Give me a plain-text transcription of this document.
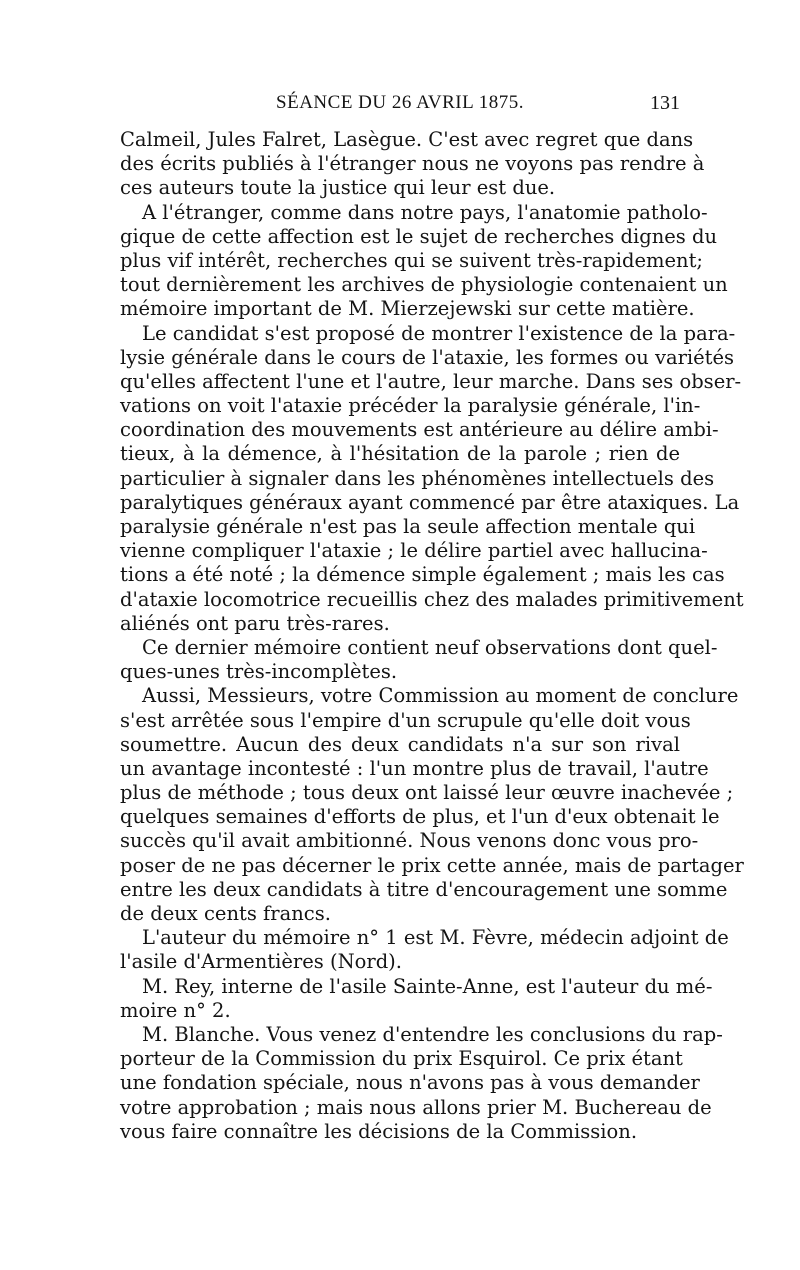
SÉANCE DU 26 AVRIL 1875.	131
Calmeil, Jules Falret, Lasègue. C'est avec regret que dans
des écrits publiés à l'étranger nous ne voyons pas rendre à
ces auteurs toute la justice qui leur est due.
A l'étranger, comme dans notre pays, l'anatomie patholo-
gique de cette affection est le sujet de recherches dignes du
plus vif intérêt, recherches qui se suivent très-rapidement;
tout dernièrement les archives de physiologie contenaient un
mémoire important de M. Mierzejewski sur cette matière.
Le candidat s'est proposé de montrer l'existence de la para-
lysie générale dans le cours de l'ataxie, les formes ou variétés
qu'elles affectent l'une et l'autre, leur marche. Dans ses obser-
vations on voit l'ataxie précéder la paralysie générale, l'in-
coordination des mouvements est antérieure au délire ambi-
tieux, à la démence, à l'hésitation de la parole ; rien de
particulier à signaler dans les phénomènes intellectuels des
paralytiques généraux ayant commencé par être ataxiques. La
paralysie générale n'est pas la seule affection mentale qui
vienne compliquer l'ataxie ; le délire partiel avec hallucina-
tions a été noté ; la démence simple également ; mais les cas
d'ataxie locomotrice recueillis chez des malades primitivement
aliénés ont paru très-rares.
Ce dernier mémoire contient neuf observations dont quel-
ques-unes très-incomplètes.
Aussi, Messieurs, votre Commission au moment de conclure
s'est arrêtée sous l'empire d'un scrupule qu'elle doit vous
soumettre. Aucun des deux candidats n'a sur son rival
un avantage incontesté : l'un montre plus de travail, l'autre
plus de méthode ; tous deux ont laissé leur œuvre inachevée ;
quelques semaines d'efforts de plus, et l'un d'eux obtenait le
succès qu'il avait ambitionné. Nous venons donc vous pro-
poser de ne pas décerner le prix cette année, mais de partager
entre les deux candidats à titre d'encouragement une somme
de deux cents francs.
L'auteur du mémoire n° 1 est M. Fèvre, médecin adjoint de
l'asile d'Armentières (Nord).
M. Rey, interne de l'asile Sainte-Anne, est l'auteur du mé-
moire n° 2.
M. Blanche. Vous venez d'entendre les conclusions du rap-
porteur de la Commission du prix Esquirol. Ce prix étant
une fondation spéciale, nous n'avons pas à vous demander
votre approbation ; mais nous allons prier M. Buchereau de
vous faire connaître les décisions de la Commission.
